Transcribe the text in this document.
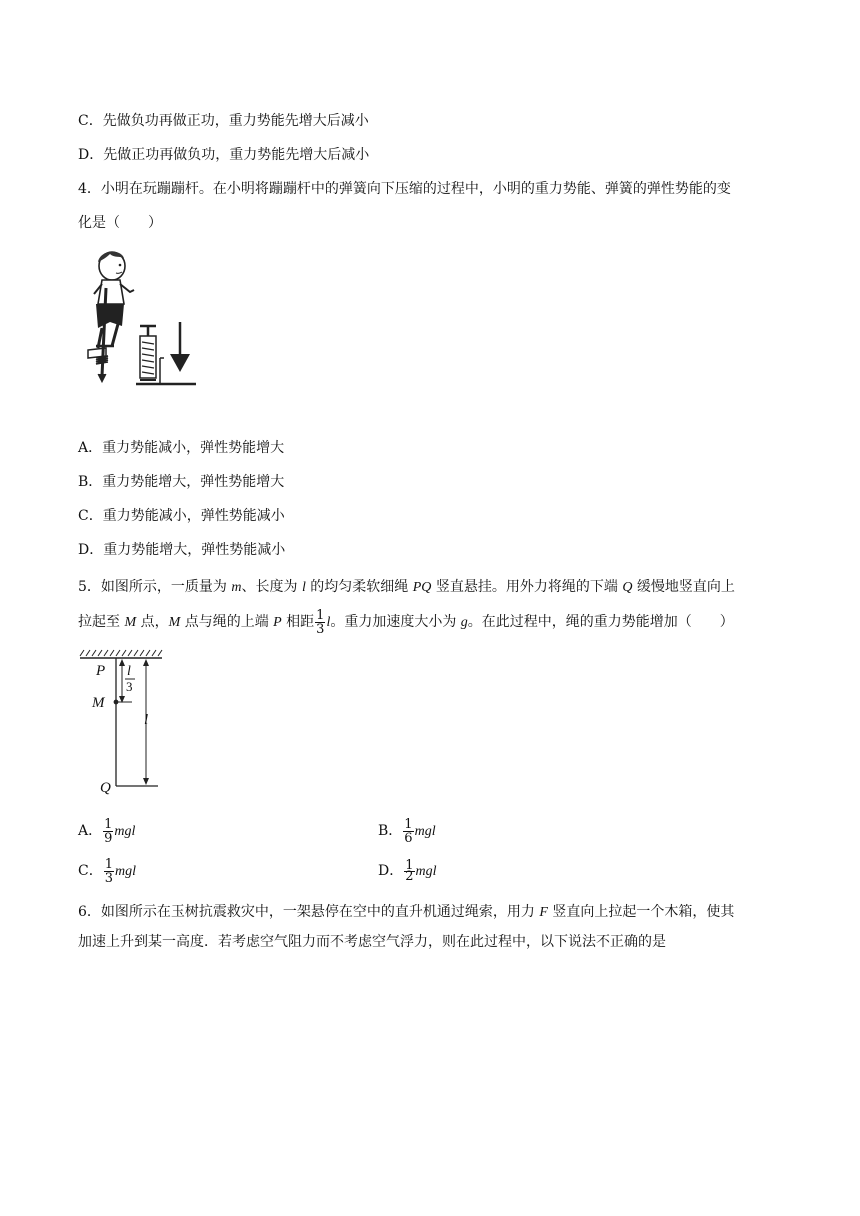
C．先做负功再做正功，重力势能先增大后减小
D．先做正功再做负功，重力势能先增大后减小
4．小明在玩蹦蹦杆。在小明将蹦蹦杆中的弹簧向下压缩的过程中，小明的重力势能、弹簧的弹性势能的变
化是（　　）
A．重力势能减小，弹性势能增大
B．重力势能增大，弹性势能增大
C．重力势能减小，弹性势能减小
D．重力势能增大，弹性势能减小
5．如图所示，一质量为 m、长度为 l 的均匀柔软细绳 PQ 竖直悬挂。用外力将绳的下端 Q 缓慢地竖直向上
拉起至 M 点，M 点与绳的上端 P 相距 $\frac{1}{3}$ l。重力加速度大小为 g。在此过程中，绳的重力势能增加（　　）
P
M
Q
l
3
l
A． $\frac{1}{9}$ mgl	B． $\frac{1}{6}$ mgl
C． $\frac{1}{3}$ mgl	D． $\frac{1}{2}$ mgl
6．如图所示在玉树抗震救灾中，一架悬停在空中的直升机通过绳索，用力 F 竖直向上拉起一个木箱，使其
加速上升到某一高度．若考虑空气阻力而不考虑空气浮力，则在此过程中，以下说法不正确的是
